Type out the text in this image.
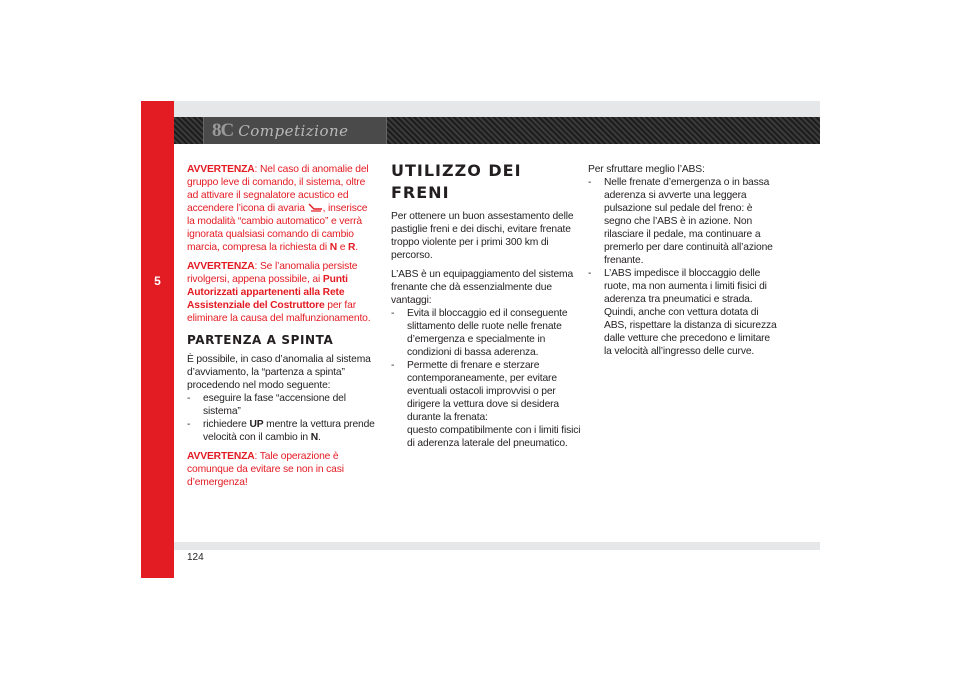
5
8C Competizione

AVVERTENZA: Nel caso di anomalie del gruppo leve di comando, il sistema, oltre ad attivare il segnalatore acustico ed accendere l’icona di avaria , inserisce la modalità “cambio automatico” e verrà ignorata qualsiasi comando di cambio marcia, compresa la richiesta di N e R.

AVVERTENZA: Se l’anomalia persiste rivolgersi, appena possibile, ai Punti Autorizzati appartenenti alla Rete Assistenziale del Costruttore per far eliminare la causa del malfunzionamento.

PARTENZA A SPINTA

È possibile, in caso d’anomalia al sistema d’avviamento, la “partenza a spinta” procedendo nel modo seguente:

- eseguire la fase “accensione del sistema”
- richiedere UP mentre la vettura prende velocità con il cambio in N.

AVVERTENZA: Tale operazione è comunque da evitare se non in casi d’emergenza!

UTILIZZO DEI
FRENI

Per ottenere un buon assestamento delle pastiglie freni e dei dischi, evitare frenate troppo violente per i primi 300 km di percorso.

L’ABS è un equipaggiamento del sistema frenante che dà essenzialmente due vantaggi:

- Evita il bloccaggio ed il conseguente slittamento delle ruote nelle frenate d’emergenza e specialmente in condizioni di bassa aderenza.
- Permette di frenare e sterzare contemporaneamente, per evitare eventuali ostacoli improvvisi o per dirigere la vettura dove si desidera durante la frenata:

questo compatibilmente con i limiti fisici di aderenza laterale del pneumatico.

Per sfruttare meglio l’ABS:

- Nelle frenate d’emergenza o in bassa aderenza si avverte una leggera pulsazione sul pedale del freno: è segno che l’ABS è in azione. Non rilasciare il pedale, ma continuare a premerlo per dare continuità all’azione frenante.
- L’ABS impedisce il bloccaggio delle ruote, ma non aumenta i limiti fisici di aderenza tra pneumatici e strada. Quindi, anche con vettura dotata di ABS, rispettare la distanza di sicurezza dalle vetture che precedono e limitare la velocità all’ingresso delle curve.
124
